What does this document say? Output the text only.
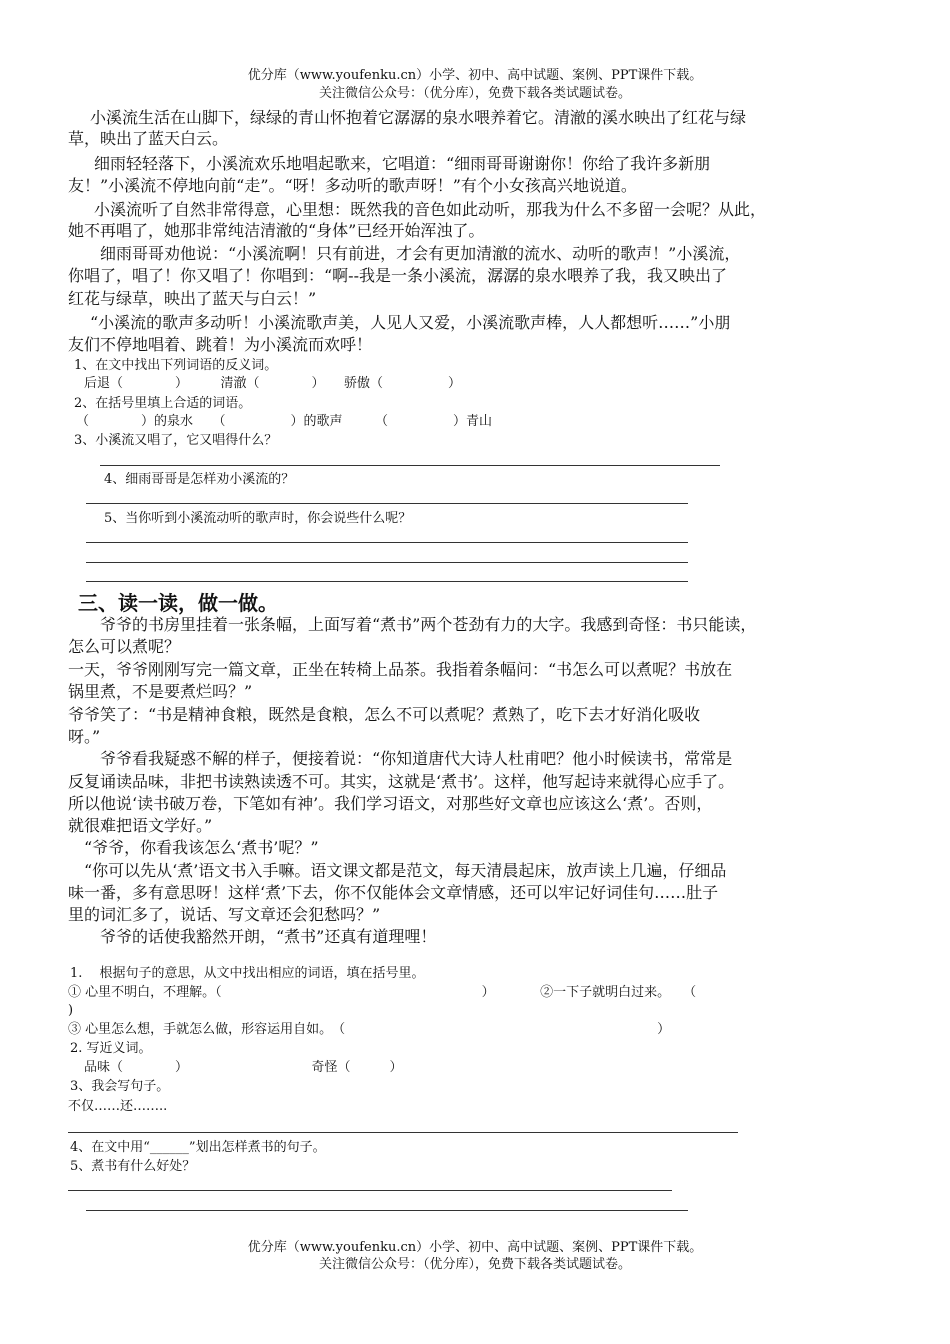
优分库（www.youfenku.cn）小学、初中、高中试题、案例、PPT课件下载。
关注微信公众号：（优分库），免费下载各类试题试卷。
小溪流生活在山脚下，绿绿的青山怀抱着它潺潺的泉水喂养着它。清澈的溪水映出了红花与绿
草，映出了蓝天白云。
细雨轻轻落下，小溪流欢乐地唱起歌来，它唱道：“细雨哥哥谢谢你！你给了我许多新朋
友！”小溪流不停地向前“走”。“呀！多动听的歌声呀！”有个小女孩高兴地说道。
小溪流听了自然非常得意，心里想：既然我的音色如此动听，那我为什么不多留一会呢？从此，
她不再唱了，她那非常纯洁清澈的“身体”已经开始浑浊了。
细雨哥哥劝他说：“小溪流啊！只有前进，才会有更加清澈的流水、动听的歌声！”小溪流，
你唱了，唱了！你又唱了！你唱到：“啊--我是一条小溪流，潺潺的泉水喂养了我，我又映出了
红花与绿草，映出了蓝天与白云！”
“小溪流的歌声多动听！小溪流歌声美，人见人又爱，小溪流歌声棒，人人都想听……”小朋
友们不停地唱着、跳着！为小溪流而欢呼！
1、在文中找出下列词语的反义词。
后退（　　　　）　　　清澈（　　　　）　　骄傲（　　　　　）
2、在括号里填上合适的词语。
（　　　　）的泉水　　（　　　　　）的歌声　　　（　　　　　）青山
3、小溪流又唱了，它又唱得什么？
4、细雨哥哥是怎样劝小溪流的？
5、当你听到小溪流动听的歌声时，你会说些什么呢？
三、读一读，做一做。
爷爷的书房里挂着一张条幅，上面写着“煮书”两个苍劲有力的大字。我感到奇怪：书只能读，
怎么可以煮呢？
一天，爷爷刚刚写完一篇文章，正坐在转椅上品茶。我指着条幅问：“书怎么可以煮呢？书放在
锅里煮，不是要煮烂吗？”
爷爷笑了：“书是精神食粮，既然是食粮，怎么不可以煮呢？煮熟了，吃下去才好消化吸收
呀。”
爷爷看我疑惑不解的样子，便接着说：“你知道唐代大诗人杜甫吧？他小时候读书，常常是
反复诵读品味，非把书读熟读透不可。其实，这就是‘煮书’。这样，他写起诗来就得心应手了。
所以他说‘读书破万卷，下笔如有神’。我们学习语文，对那些好文章也应该这么‘煮’。否则，
就很难把语文学好。”
“爷爷，你看我该怎么‘煮书’呢？”
“你可以先从‘煮’语文书入手嘛。语文课文都是范文，每天清晨起床，放声读上几遍，仔细品
味一番，多有意思呀！这样‘煮’下去，你不仅能体会文章情感，还可以牢记好词佳句……肚子
里的词汇多了，说话、写文章还会犯愁吗？”
爷爷的话使我豁然开朗，“煮书”还真有道理哩！
1.　 根据句子的意思，从文中找出相应的词语，填在括号里。
① 心里不明白，不理解。（　　　　　　　　　　　　　　　　　　　　）　　　　②一下子就明白过来。　　（
)
③ 心里怎么想，手就怎么做，形容运用自如。　（　　　　　　　　　　　　　　　　　　　　　　　　）
2. 写近义词。
品味（　　　　）　　　　　　　　　　奇怪（　　　）
3、我会写句子。
不仅……还……..
4、在文中用“______”划出怎样煮书的句子。
5、煮书有什么好处？
优分库（www.youfenku.cn）小学、初中、高中试题、案例、PPT课件下载。
关注微信公众号：（优分库），免费下载各类试题试卷。
